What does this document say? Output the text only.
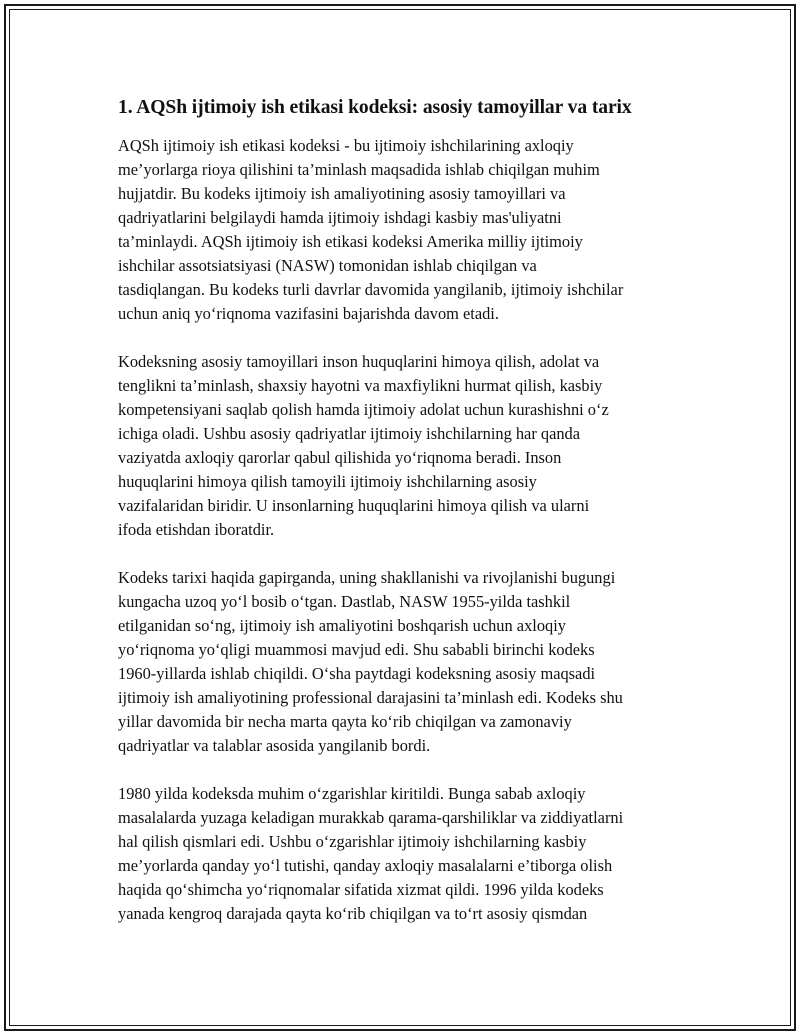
1. AQSh ijtimoiy ish etikasi kodeksi: asosiy tamoyillar va tarix

AQSh ijtimoiy ish etikasi kodeksi - bu ijtimoiy ishchilarining axloqiy
me’yorlarga rioya qilishini ta’minlash maqsadida ishlab chiqilgan muhim
hujjatdir. Bu kodeks ijtimoiy ish amaliyotining asosiy tamoyillari va
qadriyatlarini belgilaydi hamda ijtimoiy ishdagi kasbiy mas'uliyatni
ta’minlaydi. AQSh ijtimoiy ish etikasi kodeksi Amerika milliy ijtimoiy
ishchilar assotsiatsiyasi (NASW) tomonidan ishlab chiqilgan va
tasdiqlangan. Bu kodeks turli davrlar davomida yangilanib, ijtimoiy ishchilar
uchun aniq yo‘riqnoma vazifasini bajarishda davom etadi.

Kodeksning asosiy tamoyillari inson huquqlarini himoya qilish, adolat va
tenglikni ta’minlash, shaxsiy hayotni va maxfiylikni hurmat qilish, kasbiy
kompetensiyani saqlab qolish hamda ijtimoiy adolat uchun kurashishni o‘z
ichiga oladi. Ushbu asosiy qadriyatlar ijtimoiy ishchilarning har qanda
vaziyatda axloqiy qarorlar qabul qilishida yo‘riqnoma beradi. Inson
huquqlarini himoya qilish tamoyili ijtimoiy ishchilarning asosiy
vazifalaridan biridir. U insonlarning huquqlarini himoya qilish va ularni
ifoda etishdan iboratdir.

Kodeks tarixi haqida gapirganda, uning shakllanishi va rivojlanishi bugungi
kungacha uzoq yo‘l bosib o‘tgan. Dastlab, NASW 1955-yilda tashkil
etilganidan so‘ng, ijtimoiy ish amaliyotini boshqarish uchun axloqiy
yo‘riqnoma yo‘qligi muammosi mavjud edi. Shu sababli birinchi kodeks
1960-yillarda ishlab chiqildi. O‘sha paytdagi kodeksning asosiy maqsadi
ijtimoiy ish amaliyotining professional darajasini ta’minlash edi. Kodeks shu
yillar davomida bir necha marta qayta ko‘rib chiqilgan va zamonaviy
qadriyatlar va talablar asosida yangilanib bordi.

1980 yilda kodeksda muhim o‘zgarishlar kiritildi. Bunga sabab axloqiy
masalalarda yuzaga keladigan murakkab qarama-qarshiliklar va ziddiyatlarni
hal qilish qismlari edi. Ushbu o‘zgarishlar ijtimoiy ishchilarning kasbiy
me’yorlarda qanday yo‘l tutishi, qanday axloqiy masalalarni e’tiborga olish
haqida qo‘shimcha yo‘riqnomalar sifatida xizmat qildi. 1996 yilda kodeks
yanada kengroq darajada qayta ko‘rib chiqilgan va to‘rt asosiy qismdan
